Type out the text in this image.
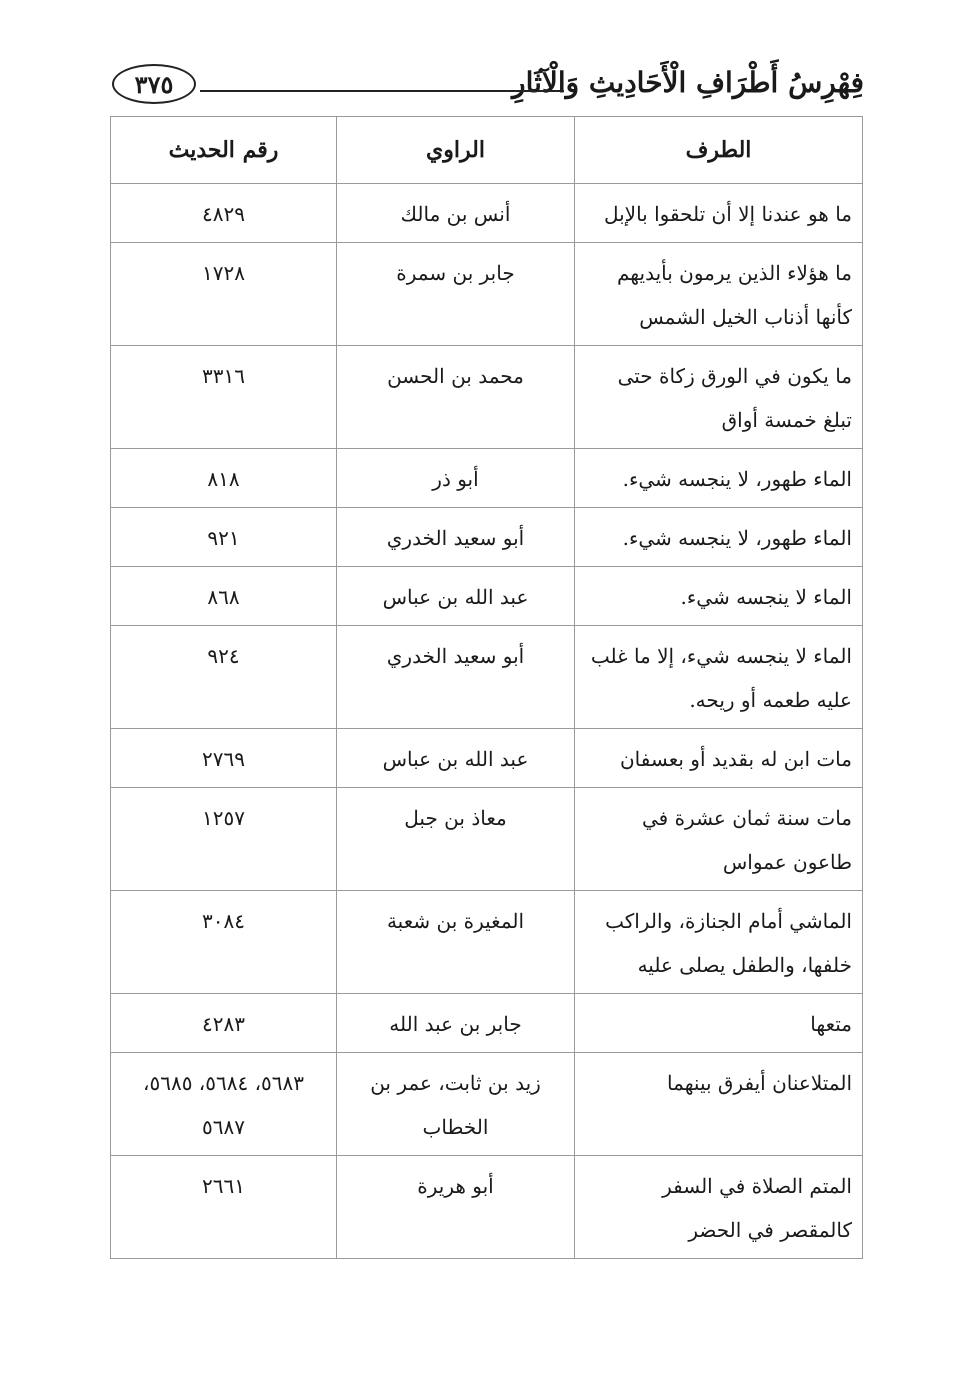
فِهْرِسُ أَطْرَافِ الْأَحَادِيثِ وَالْآثَارِ
٣٧٥
الطرف	الراوي	رقم الحديث
ما هو عندنا إلا أن تلحقوا بالإبل	أنس بن مالك	٤٨٢٩
ما هؤلاء الذين يرمون بأيديهم كأنها أذناب الخيل الشمس	جابر بن سمرة	١٧٢٨
ما يكون في الورق زكاة حتى تبلغ خمسة أواق	محمد بن الحسن	٣٣١٦
الماء طهور، لا ينجسه شيء.	أبو ذر	٨١٨
الماء طهور، لا ينجسه شيء.	أبو سعيد الخدري	٩٢١
الماء لا ينجسه شيء.	عبد الله بن عباس	٨٦٨
الماء لا ينجسه شيء، إلا ما غلب عليه طعمه أو ريحه.	أبو سعيد الخدري	٩٢٤
مات ابن له بقديد أو بعسفان	عبد الله بن عباس	٢٧٦٩
مات سنة ثمان عشرة في طاعون عمواس	معاذ بن جبل	١٢٥٧
الماشي أمام الجنازة، والراكب خلفها، والطفل يصلى عليه	المغيرة بن شعبة	٣٠٨٤
متعها	جابر بن عبد الله	٤٢٨٣
المتلاعنان أيفرق بينهما	زيد بن ثابت، عمر بن الخطاب	٥٦٨٣، ٥٦٨٤، ٥٦٨٥، ٥٦٨٧
المتم الصلاة في السفر كالمقصر في الحضر	أبو هريرة	٢٦٦١
